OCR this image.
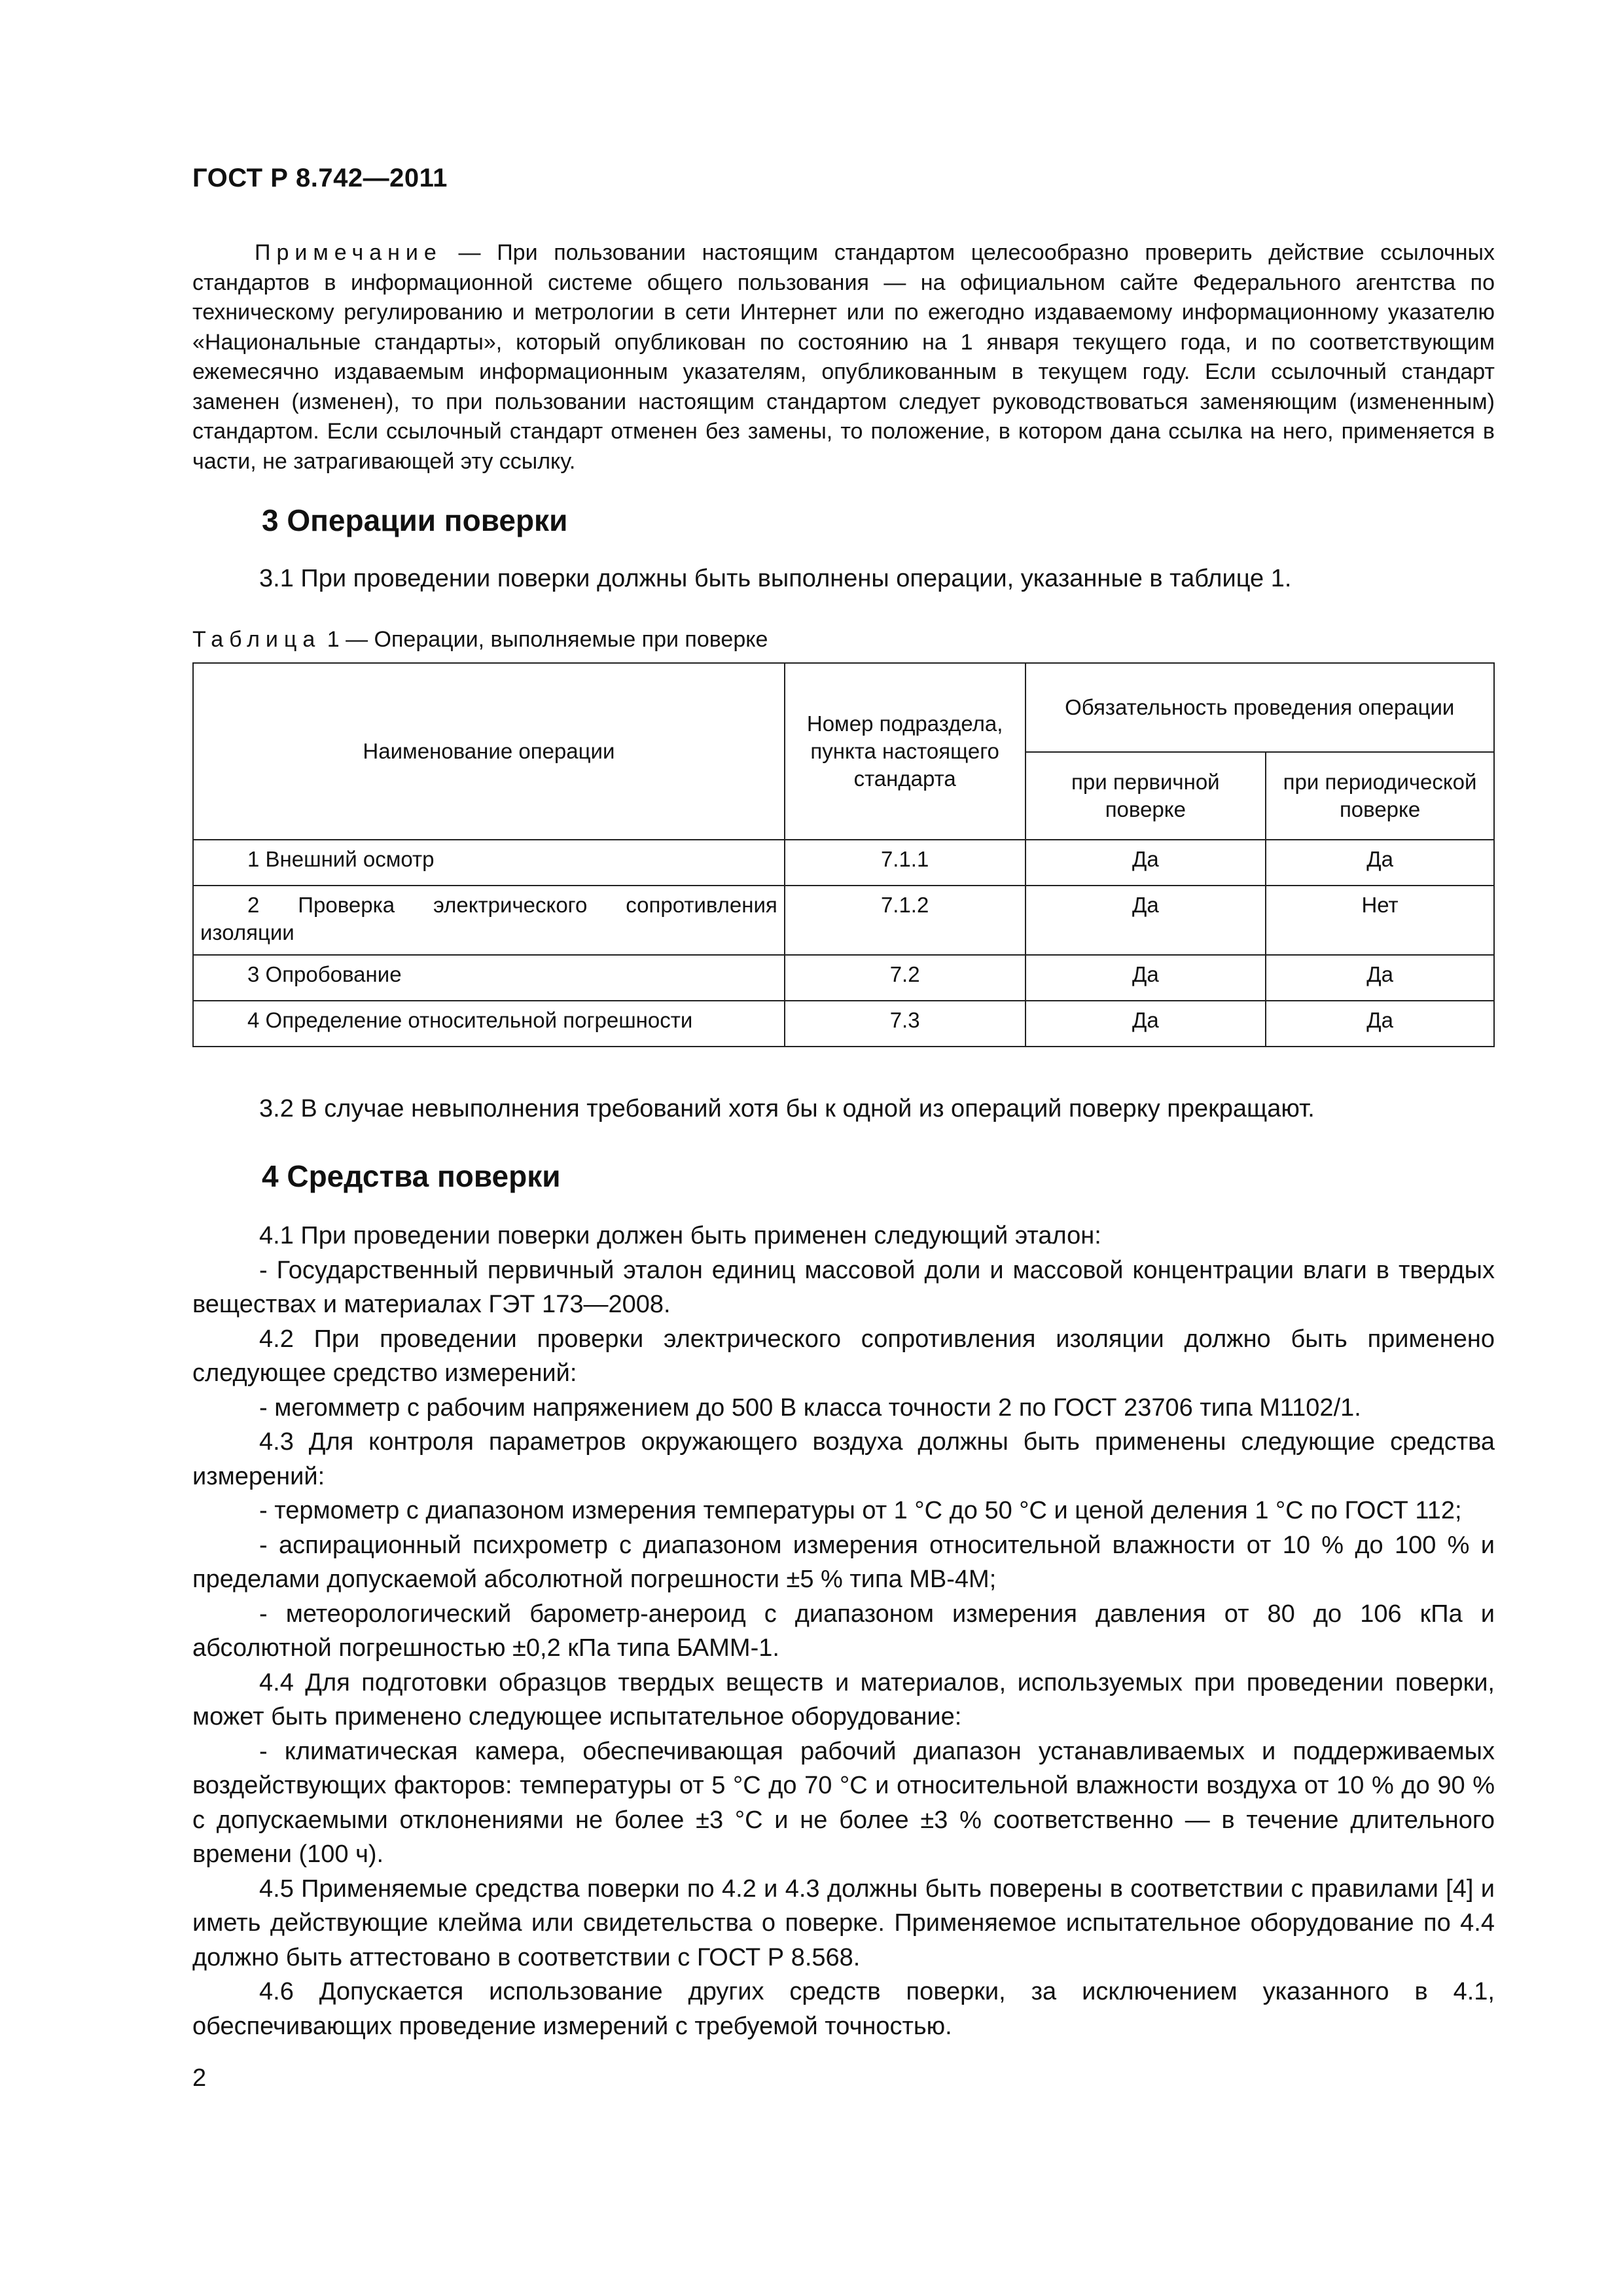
ГОСТ Р 8.742—2011
Примечание — При пользовании настоящим стандартом целесообразно проверить действие ссылочных стандартов в информационной системе общего пользования — на официальном сайте Федерального агентства по техническому регулированию и метрологии в сети Интернет или по ежегодно издаваемому информационному указателю «Национальные стандарты», который опубликован по состоянию на 1 января текущего года, и по соответствующим ежемесячно издаваемым информационным указателям, опубликованным в текущем году. Если ссылочный стандарт заменен (изменен), то при пользовании настоящим стандартом следует руководствоваться заменяющим (измененным) стандартом. Если ссылочный стандарт отменен без замены, то положение, в котором дана ссылка на него, применяется в части, не затрагивающей эту ссылку.
3 Операции поверки
3.1 При проведении поверки должны быть выполнены операции, указанные в таблице 1.
Таблица 1 — Операции, выполняемые при поверке
Наименование операции	Номер подраздела, пункта настоящего стандарта	Обязательность проведения операции	
		при первичной поверке	при периодической поверке

1 Внешний осмотр	7.1.1	Да	Да

2 Проверка электрического сопротивления
изоляции	7.1.2	Да	Нет

3 Опробование	7.2	Да	Да

4 Определение относительной погрешности	7.3	Да	Да
3.2 В случае невыполнения требований хотя бы к одной из операций поверку прекращают.
4 Средства поверки
4.1 При проведении поверки должен быть применен следующий эталон:
- Государственный первичный эталон единиц массовой доли и массовой концентрации влаги в твердых веществах и материалах ГЭТ 173—2008.
4.2 При проведении проверки электрического сопротивления изоляции должно быть применено следующее средство измерений:
- мегомметр с рабочим напряжением до 500 В класса точности 2 по ГОСТ 23706 типа М1102/1.
4.3 Для контроля параметров окружающего воздуха должны быть применены следующие средства измерений:
- термометр с диапазоном измерения температуры от 1 °С до 50 °С и ценой деления 1 °С по ГОСТ 112;
- аспирационный психрометр с диапазоном измерения относительной влажности от 10 % до 100 % и пределами допускаемой абсолютной погрешности ±5 % типа МВ-4М;
- метеорологический барометр-анероид с диапазоном измерения давления от 80 до 106 кПа и абсолютной погрешностью ±0,2 кПа типа БАММ-1.
4.4 Для подготовки образцов твердых веществ и материалов, используемых при проведении поверки, может быть применено следующее испытательное оборудование:
- климатическая камера, обеспечивающая рабочий диапазон устанавливаемых и поддерживаемых воздействующих факторов: температуры от 5 °С до 70 °С и относительной влажности воздуха от 10 % до 90 % с допускаемыми отклонениями не более ±3 °С и не более ±3 % соответственно — в течение длительного времени (100 ч).
4.5 Применяемые средства поверки по 4.2 и 4.3 должны быть поверены в соответствии с правилами [4] и иметь действующие клейма или свидетельства о поверке. Применяемое испытательное оборудование по 4.4 должно быть аттестовано в соответствии с ГОСТ Р 8.568.
4.6 Допускается использование других средств поверки, за исключением указанного в 4.1, обеспечивающих проведение измерений с требуемой точностью.
2
